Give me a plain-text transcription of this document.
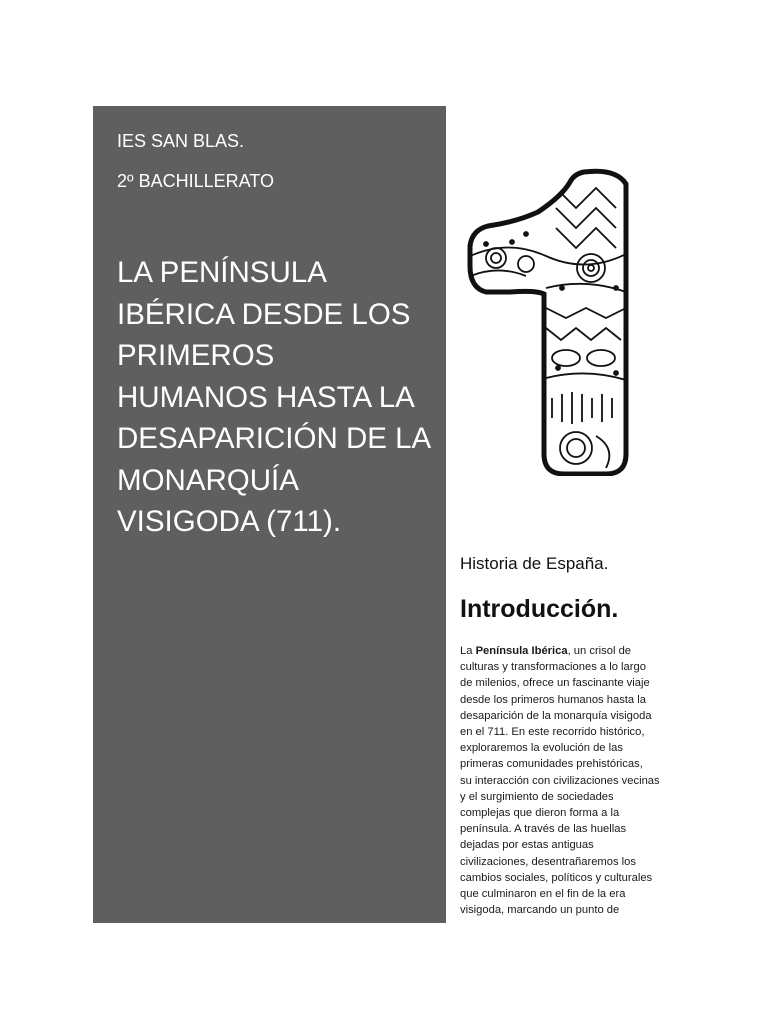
IES SAN BLAS.
2º BACHILLERATO
LA PENÍNSULA
IBÉRICA DESDE LOS
PRIMEROS
HUMANOS HASTA LA
DESAPARICIÓN DE LA
MONARQUÍA
VISIGODA (711).
Historia de España.
Introducción.
La Península Ibérica, un crisol de
culturas y transformaciones a lo largo
de milenios, ofrece un fascinante viaje
desde los primeros humanos hasta la
desaparición de la monarquía visigoda
en el 711. En este recorrido histórico,
exploraremos la evolución de las
primeras comunidades prehistóricas,
su interacción con civilizaciones vecinas
y el surgimiento de sociedades
complejas que dieron forma a la
península. A través de las huellas
dejadas por estas antiguas
civilizaciones, desentrañaremos los
cambios sociales, políticos y culturales
que culminaron en el fin de la era
visigoda, marcando un punto de
